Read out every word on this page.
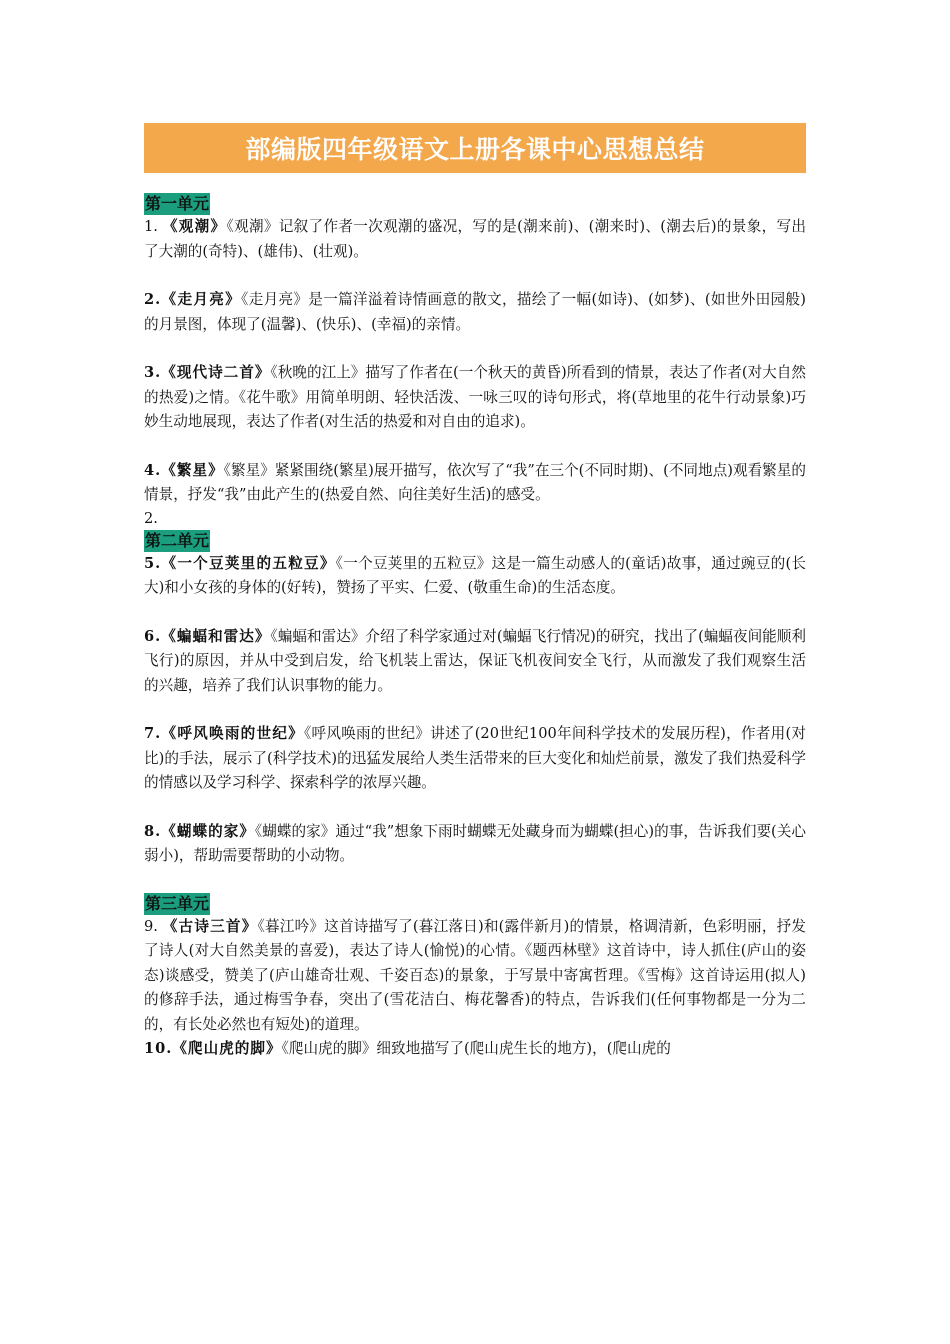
部编版四年级语文上册各课中心思想总结
第一单元

1. 《观潮》《观潮》记叙了作者一次观潮的盛况，写的是(潮来前)、(潮来时)、(潮去后)的景象，写出了大潮的(奇特)、(雄伟)、(壮观)。

2.《走月亮》《走月亮》是一篇洋溢着诗情画意的散文，描绘了一幅(如诗)、(如梦)、(如世外田园般)的月景图，体现了(温馨)、(快乐)、(幸福)的亲情。

3.《现代诗二首》《秋晚的江上》描写了作者在(一个秋天的黄昏)所看到的情景，表达了作者(对大自然的热爱)之情。《花牛歌》用简单明朗、轻快活泼、一咏三叹的诗句形式，将(草地里的花牛行动景象)巧妙生动地展现，表达了作者(对生活的热爱和对自由的追求)。

4.《繁星》《繁星》紧紧围绕(繁星)展开描写，依次写了“我”在三个(不同时期)、(不同地点)观看繁星的情景，抒发“我”由此产生的(热爱自然、向往美好生活)的感受。

2.

第二单元

5.《一个豆荚里的五粒豆》《一个豆荚里的五粒豆》这是一篇生动感人的(童话)故事，通过豌豆的(长大)和小女孩的身体的(好转)，赞扬了平实、仁爱、(敬重生命)的生活态度。

6.《蝙蝠和雷达》《蝙蝠和雷达》介绍了科学家通过对(蝙蝠飞行情况)的研究，找出了(蝙蝠夜间能顺利飞行)的原因，并从中受到启发，给飞机装上雷达，保证飞机夜间安全飞行，从而激发了我们观察生活的兴趣，培养了我们认识事物的能力。

7.《呼风唤雨的世纪》《呼风唤雨的世纪》讲述了(20世纪100年间科学技术的发展历程)，作者用(对比)的手法，展示了(科学技术)的迅猛发展给人类生活带来的巨大变化和灿烂前景，激发了我们热爱科学的情感以及学习科学、探索科学的浓厚兴趣。

8.《蝴蝶的家》《蝴蝶的家》通过“我”想象下雨时蝴蝶无处藏身而为蝴蝶(担心)的事，告诉我们要(关心弱小)，帮助需要帮助的小动物。

第三单元

9. 《古诗三首》《暮江吟》这首诗描写了(暮江落日)和(露伴新月)的情景，格调清新，色彩明丽，抒发了诗人(对大自然美景的喜爱)，表达了诗人(愉悦)的心情。《题西林壁》这首诗中，诗人抓住(庐山的姿态)谈感受，赞美了(庐山雄奇壮观、千姿百态)的景象，于写景中寄寓哲理。《雪梅》这首诗运用(拟人)的修辞手法，通过梅雪争春，突出了(雪花洁白、梅花馨香)的特点，告诉我们(任何事物都是一分为二的，有长处必然也有短处)的道理。

10.《爬山虎的脚》《爬山虎的脚》细致地描写了(爬山虎生长的地方)，(爬山虎的
